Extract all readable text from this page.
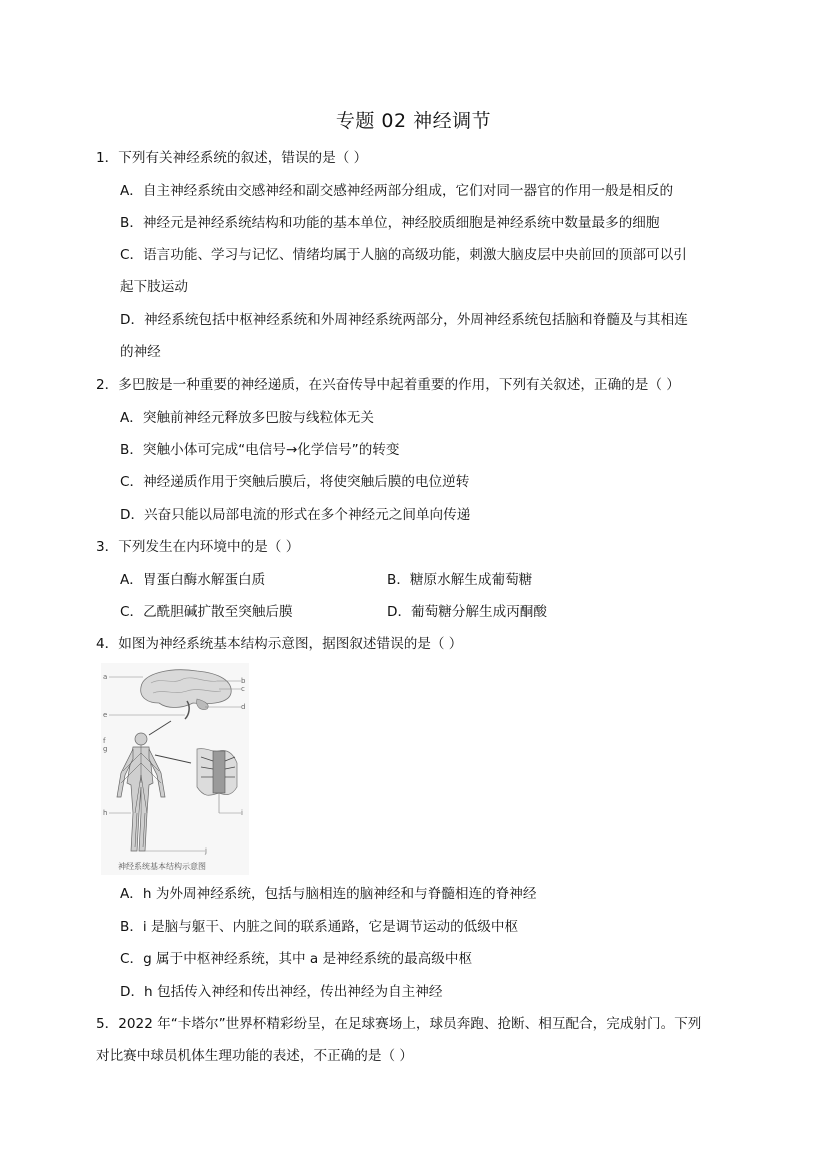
专题 02 神经调节
1．下列有关神经系统的叙述，错误的是（ ）
A．自主神经系统由交感神经和副交感神经两部分组成，它们对同一器官的作用一般是相反的
B．神经元是神经系统结构和功能的基本单位，神经胶质细胞是神经系统中数量最多的细胞
C．语言功能、学习与记忆、情绪均属于人脑的高级功能，刺激大脑皮层中央前回的顶部可以引
起下肢运动
D．神经系统包括中枢神经系统和外周神经系统两部分，外周神经系统包括脑和脊髓及与其相连
的神经
2．多巴胺是一种重要的神经递质，在兴奋传导中起着重要的作用，下列有关叙述，正确的是（ ）
A．突触前神经元释放多巴胺与线粒体无关
B．突触小体可完成“电信号→化学信号”的转变
C．神经递质作用于突触后膜后，将使突触后膜的电位逆转
D．兴奋只能以局部电流的形式在多个神经元之间单向传递
3．下列发生在内环境中的是（ ）
A．胃蛋白酶水解蛋白质	B．糖原水解生成葡萄糖
C．乙酰胆碱扩散至突触后膜	D．葡萄糖分解生成丙酮酸
4．如图为神经系统基本结构示意图，据图叙述错误的是（ ）
a	b
c
d
e
f
g
h
j
i
神经系统基本结构示意图
A．h 为外周神经系统，包括与脑相连的脑神经和与脊髓相连的脊神经
B．i 是脑与躯干、内脏之间的联系通路，它是调节运动的低级中枢
C．g 属于中枢神经系统，其中 a 是神经系统的最高级中枢
D．h 包括传入神经和传出神经，传出神经为自主神经
5．2022 年“卡塔尔”世界杯精彩纷呈，在足球赛场上，球员奔跑、抢断、相互配合，完成射门。下列
对比赛中球员机体生理功能的表述，不正确的是（ ）
